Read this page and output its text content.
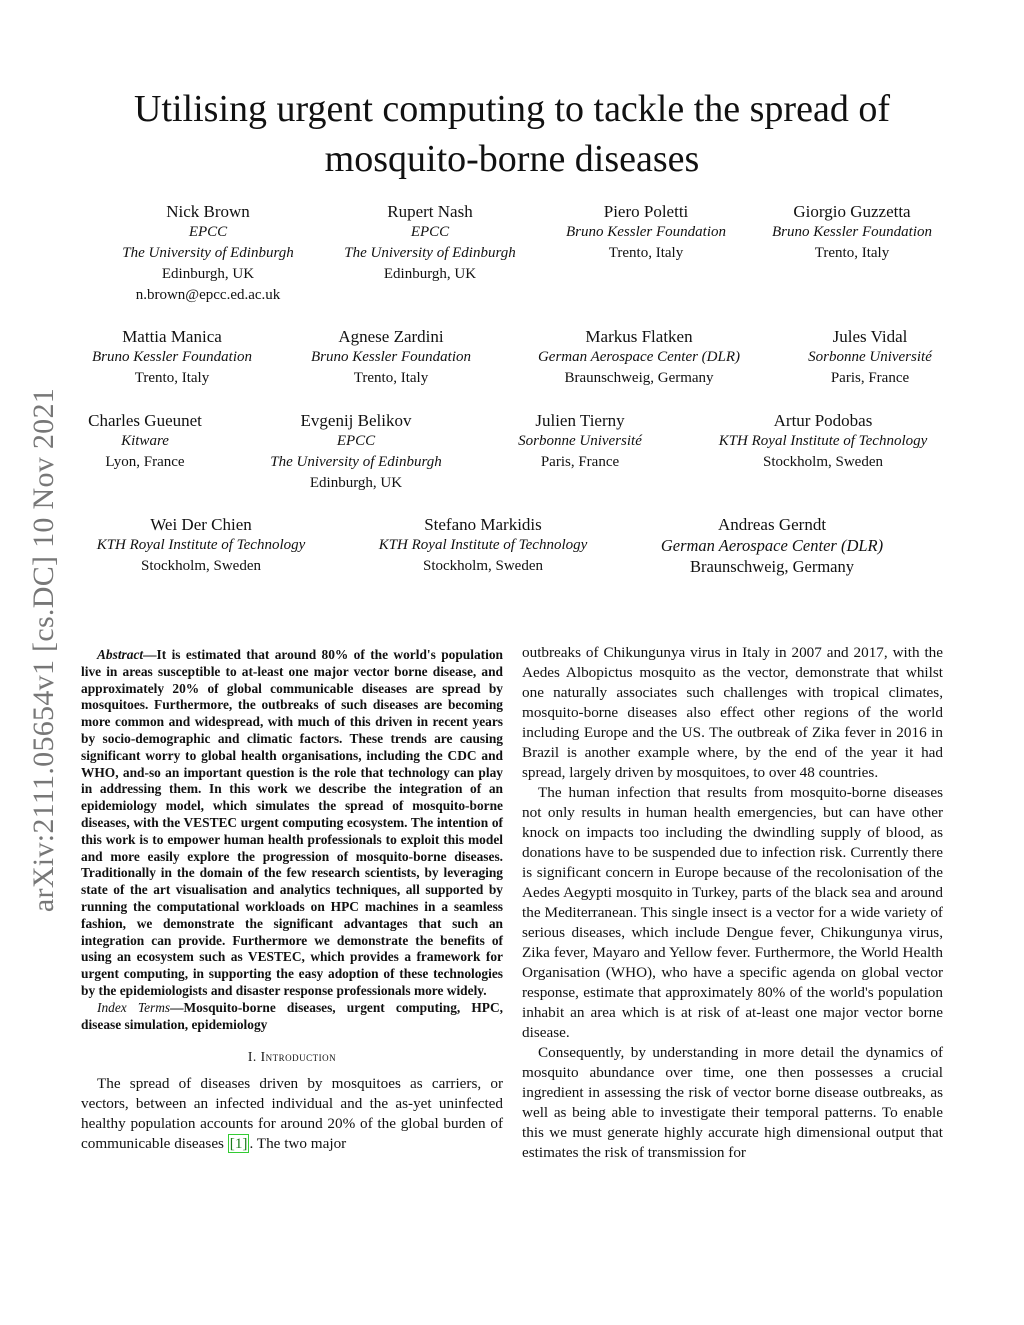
arXiv:2111.05654v1 [cs.DC] 10 Nov 2021
Utilising urgent computing to tackle the spread of
mosquito-borne diseases
Nick Brown
EPCC
The University of Edinburgh
Edinburgh, UK
n.brown@epcc.ed.ac.uk
Rupert Nash
EPCC
The University of Edinburgh
Edinburgh, UK
Piero Poletti
Bruno Kessler Foundation
Trento, Italy
Giorgio Guzzetta
Bruno Kessler Foundation
Trento, Italy
Mattia Manica
Bruno Kessler Foundation
Trento, Italy
Agnese Zardini
Bruno Kessler Foundation
Trento, Italy
Markus Flatken
German Aerospace Center (DLR)
Braunschweig, Germany
Jules Vidal
Sorbonne Université
Paris, France
Charles Gueunet
Kitware
Lyon, France
Evgenij Belikov
EPCC
The University of Edinburgh
Edinburgh, UK
Julien Tierny
Sorbonne Université
Paris, France
Artur Podobas
KTH Royal Institute of Technology
Stockholm, Sweden
Wei Der Chien
KTH Royal Institute of Technology
Stockholm, Sweden
Stefano Markidis
KTH Royal Institute of Technology
Stockholm, Sweden
Andreas Gerndt
German Aerospace Center (DLR)
Braunschweig, Germany

Abstract—It is estimated that around 80% of the world's population live in areas susceptible to at-least one major vector borne disease, and approximately 20% of global communicable diseases are spread by mosquitoes. Furthermore, the outbreaks of such diseases are becoming more common and widespread, with much of this driven in recent years by socio-demographic and climatic factors. These trends are causing significant worry to global health organisations, including the CDC and WHO, and-so an important question is the role that technology can play in addressing them. In this work we describe the integration of an epidemiology model, which simulates the spread of mosquito-borne diseases, with the VESTEC urgent computing ecosystem. The intention of this work is to empower human health professionals to exploit this model and more easily explore the progression of mosquito-borne diseases. Traditionally in the domain of the few research scientists, by leveraging state of the art visualisation and analytics techniques, all supported by running the computational workloads on HPC machines in a seamless fashion, we demonstrate the significant advantages that such an integration can provide. Furthermore we demonstrate the benefits of using an ecosystem such as VESTEC, which provides a framework for urgent computing, in supporting the easy adoption of these technologies by the epidemiologists and disaster response professionals more widely.

Index Terms—Mosquito-borne diseases, urgent computing, HPC, disease simulation, epidemiology

I. Introduction

The spread of diseases driven by mosquitoes as carriers, or vectors, between an infected individual and the as-yet uninfected healthy population accounts for around 20% of the global burden of communicable diseases [1] . The two major

outbreaks of Chikungunya virus in Italy in 2007 and 2017, with the Aedes Albopictus mosquito as the vector, demonstrate that whilst one naturally associates such challenges with tropical climates, mosquito-borne diseases also effect other regions of the world including Europe and the US. The outbreak of Zika fever in 2016 in Brazil is another example where, by the end of the year it had spread, largely driven by mosquitoes, to over 48 countries.

The human infection that results from mosquito-borne diseases not only results in human health emergencies, but can have other knock on impacts too including the dwindling supply of blood, as donations have to be suspended due to infection risk. Currently there is significant concern in Europe because of the recolonisation of the Aedes Aegypti mosquito in Turkey, parts of the black sea and around the Mediterranean. This single insect is a vector for a wide variety of serious diseases, which include Dengue fever, Chikungunya virus, Zika fever, Mayaro and Yellow fever. Furthermore, the World Health Organisation (WHO), who have a specific agenda on global vector response, estimate that approximately 80% of the world's population inhabit an area which is at risk of at-least one major vector borne disease.

Consequently, by understanding in more detail the dynamics of mosquito abundance over time, one then possesses a crucial ingredient in assessing the risk of vector borne disease outbreaks, as well as being able to investigate their temporal patterns. To enable this we must generate highly accurate high dimensional output that estimates the risk of transmission for
